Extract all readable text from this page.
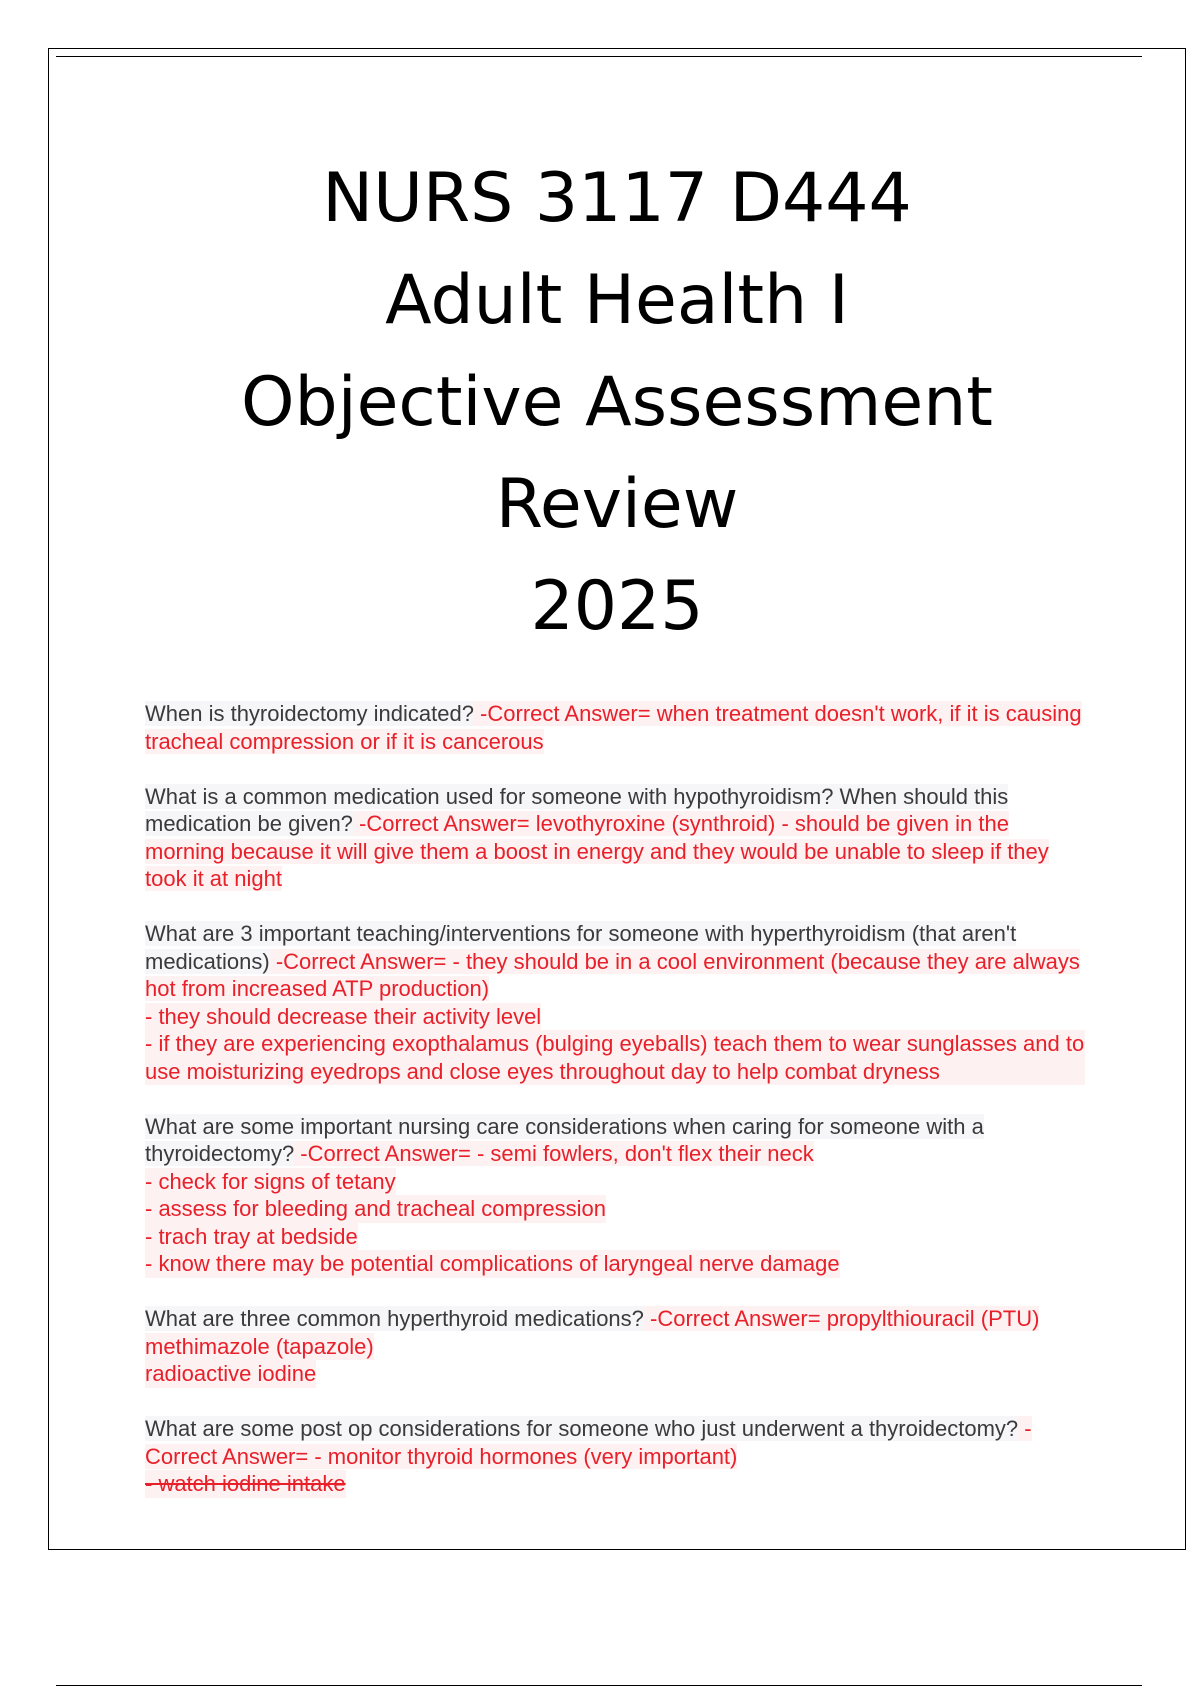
NURS 3117 D444
Adult Health I
Objective Assessment
Review
2025
When is thyroidectomy indicated? -Correct Answer= when treatment doesn't work, if it is causing tracheal compression or if it is cancerous
What is a common medication used for someone with hypothyroidism? When should this medication be given? -Correct Answer= levothyroxine (synthroid) - should be given in the morning because it will give them a boost in energy and they would be unable to sleep if they took it at night
What are 3 important teaching/interventions for someone with hyperthyroidism (that aren't medications) -Correct Answer= - they should be in a cool environment (because they are always hot from increased ATP production)
- they should decrease their activity level
- if they are experiencing exopthalamus (bulging eyeballs) teach them to wear sunglasses and to use moisturizing eyedrops and close eyes throughout day to help combat dryness
What are some important nursing care considerations when caring for someone with a thyroidectomy? -Correct Answer= - semi fowlers, don't flex their neck
- check for signs of tetany
- assess for bleeding and tracheal compression
- trach tray at bedside
- know there may be potential complications of laryngeal nerve damage
What are three common hyperthyroid medications? -Correct Answer= propylthiouracil (PTU)
methimazole (tapazole)
radioactive iodine
What are some post op considerations for someone who just underwent a thyroidectomy? -Correct Answer= - monitor thyroid hormones (very important)
- watch iodine intake
